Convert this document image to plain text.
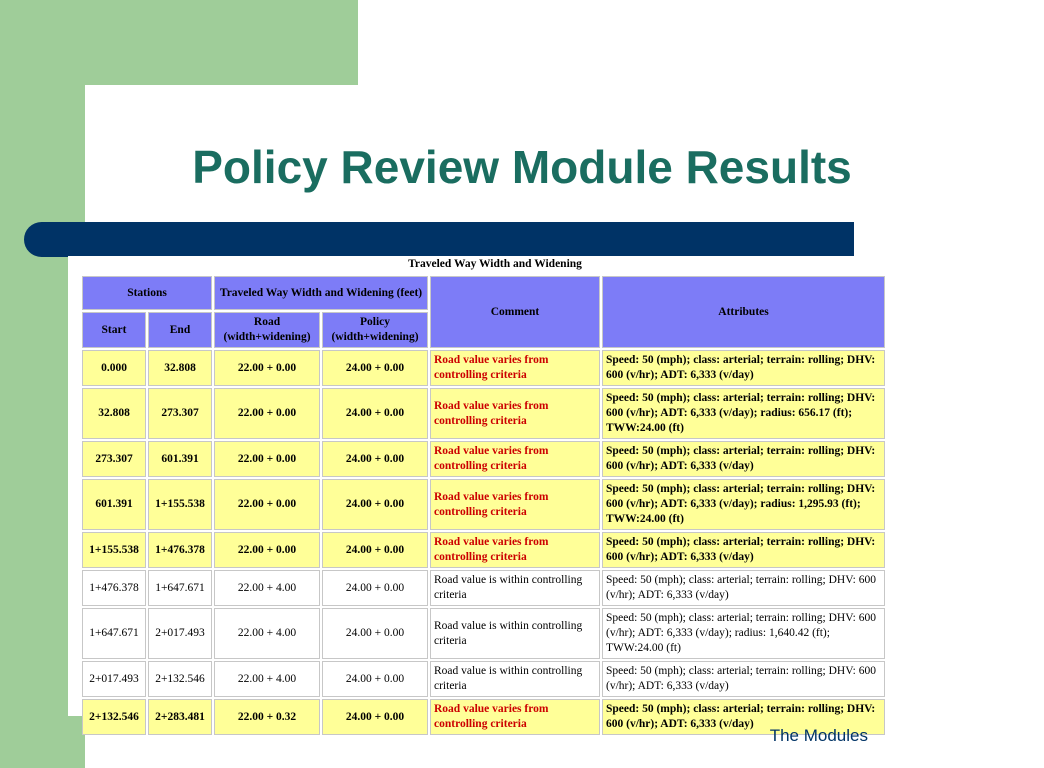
Policy Review Module Results
Traveled Way Width and Widening
Stations		Traveled Way Width and Widening (feet)		Comment	Attributes
Start	End	Road (width+widening)	Policy (width+widening)		
0.000	32.808	22.00 + 0.00	24.00 + 0.00	Road value varies from controlling criteria	Speed: 50 (mph); class: arterial; terrain: rolling; DHV: 600 (v/hr); ADT: 6,333 (v/day)
32.808	273.307	22.00 + 0.00	24.00 + 0.00	Road value varies from controlling criteria	Speed: 50 (mph); class: arterial; terrain: rolling; DHV: 600 (v/hr); ADT: 6,333 (v/day); radius: 656.17 (ft); TWW:24.00 (ft)
273.307	601.391	22.00 + 0.00	24.00 + 0.00	Road value varies from controlling criteria	Speed: 50 (mph); class: arterial; terrain: rolling; DHV: 600 (v/hr); ADT: 6,333 (v/day)
601.391	1+155.538	22.00 + 0.00	24.00 + 0.00	Road value varies from controlling criteria	Speed: 50 (mph); class: arterial; terrain: rolling; DHV: 600 (v/hr); ADT: 6,333 (v/day); radius: 1,295.93 (ft); TWW:24.00 (ft)
1+155.538	1+476.378	22.00 + 0.00	24.00 + 0.00	Road value varies from controlling criteria	Speed: 50 (mph); class: arterial; terrain: rolling; DHV: 600 (v/hr); ADT: 6,333 (v/day)
1+476.378	1+647.671	22.00 + 4.00	24.00 + 0.00	Road value is within controlling criteria	Speed: 50 (mph); class: arterial; terrain: rolling; DHV: 600 (v/hr); ADT: 6,333 (v/day)
1+647.671	2+017.493	22.00 + 4.00	24.00 + 0.00	Road value is within controlling criteria	Speed: 50 (mph); class: arterial; terrain: rolling; DHV: 600 (v/hr); ADT: 6,333 (v/day); radius: 1,640.42 (ft); TWW:24.00 (ft)
2+017.493	2+132.546	22.00 + 4.00	24.00 + 0.00	Road value is within controlling criteria	Speed: 50 (mph); class: arterial; terrain: rolling; DHV: 600 (v/hr); ADT: 6,333 (v/day)
2+132.546	2+283.481	22.00 + 0.32	24.00 + 0.00	Road value varies from controlling criteria	Speed: 50 (mph); class: arterial; terrain: rolling; DHV: 600 (v/hr); ADT: 6,333 (v/day)
The Modules
